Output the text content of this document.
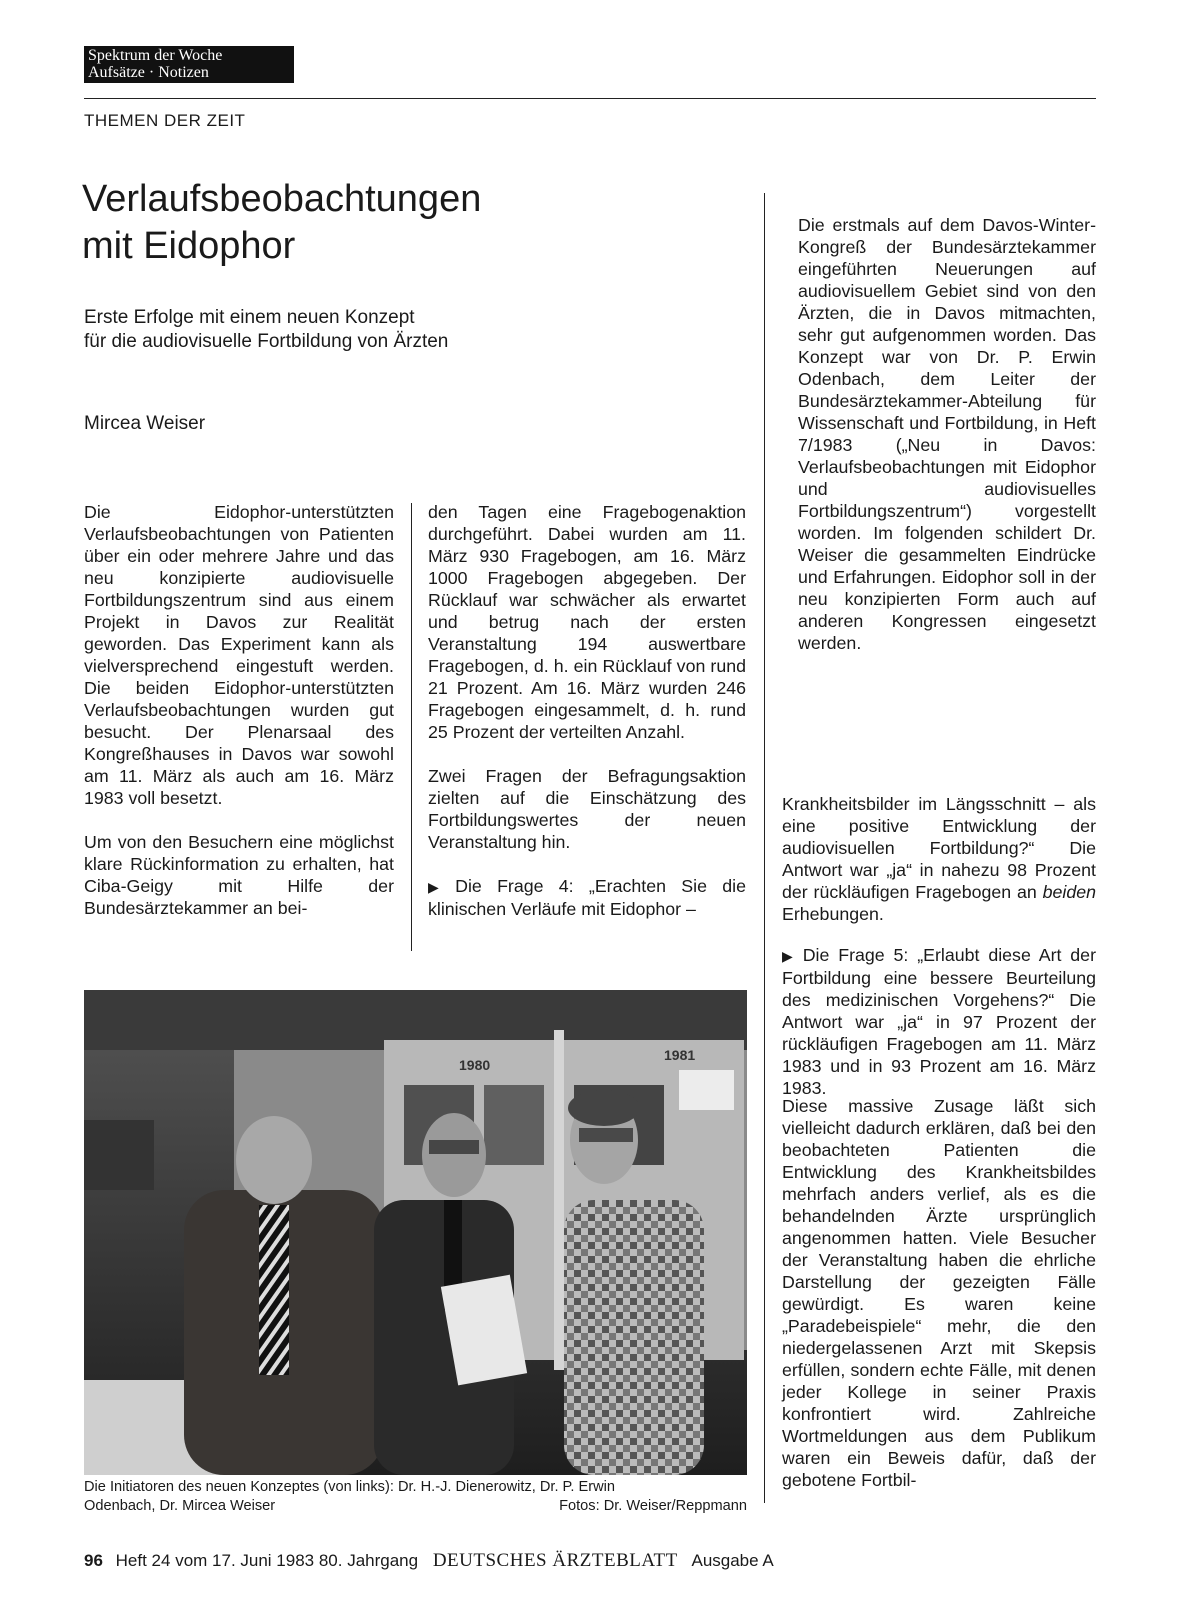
Spektrum der Woche
Aufsätze · Notizen
THEMEN DER ZEIT
Verlaufsbeobachtungen
mit Eidophor
Erste Erfolge mit einem neuen Konzept
für die audiovisuelle Fortbildung von Ärzten
Mircea Weiser
Die erstmals auf dem Davos-Winter-Kongreß der Bundesärztekammer eingeführten Neuerungen auf audiovisuellem Gebiet sind von den Ärzten, die in Davos mitmachten, sehr gut aufgenommen worden. Das Konzept war von Dr. P. Erwin Odenbach, dem Leiter der Bundesärztekammer-Abteilung für Wissenschaft und Fortbildung, in Heft 7/1983 („Neu in Davos: Verlaufsbeobachtungen mit Eidophor und audiovisuelles Fortbildungszentrum“) vorgestellt worden. Im folgenden schildert Dr. Weiser die gesammelten Eindrücke und Erfahrungen. Eidophor soll in der neu konzipierten Form auch auf anderen Kongressen eingesetzt werden.

Die Eidophor-unterstützten Verlaufsbeobachtungen von Patienten über ein oder mehrere Jahre und das neu konzipierte audiovisuelle Fortbildungszentrum sind aus einem Projekt in Davos zur Realität geworden. Das Experiment kann als vielversprechend eingestuft werden. Die beiden Eidophor-unterstützten Verlaufsbeobachtungen wurden gut besucht. Der Plenarsaal des Kongreßhauses in Davos war sowohl am 11. März als auch am 16. März 1983 voll besetzt.

Um von den Besuchern eine möglichst klare Rückinformation zu erhalten, hat Ciba-Geigy mit Hilfe der Bundesärztekammer an bei-

den Tagen eine Fragebogenaktion durchgeführt. Dabei wurden am 11. März 930 Fragebogen, am 16. März 1000 Fragebogen abgegeben. Der Rücklauf war schwächer als erwartet und betrug nach der ersten Veranstaltung 194 auswertbare Fragebogen, d. h. ein Rücklauf von rund 21 Prozent. Am 16. März wurden 246 Fragebogen eingesammelt, d. h. rund 25 Prozent der verteilten Anzahl.

Zwei Fragen der Befragungsaktion zielten auf die Einschätzung des Fortbildungswertes der neuen Veranstaltung hin.

▶ Die Frage 4: „Erachten Sie die klinischen Verläufe mit Eidophor –

Krankheitsbilder im Längsschnitt – als eine positive Entwicklung der audiovisuellen Fortbildung?“ Die Antwort war „ja“ in nahezu 98 Prozent der rückläufigen Fragebogen an beiden Erhebungen.

▶ Die Frage 5: „Erlaubt diese Art der Fortbildung eine bessere Beurteilung des medizinischen Vorgehens?“ Die Antwort war „ja“ in 97 Prozent der rückläufigen Fragebogen am 11. März 1983 und in 93 Prozent am 16. März 1983.

Diese massive Zusage läßt sich vielleicht dadurch erklären, daß bei den beobachteten Patienten die Entwicklung des Krankheitsbildes mehrfach anders verlief, als es die behandelnden Ärzte ursprünglich angenommen hatten. Viele Besucher der Veranstaltung haben die ehrliche Darstellung der gezeigten Fälle gewürdigt. Es waren keine „Paradebeispiele“ mehr, die den niedergelassenen Arzt mit Skepsis erfüllen, sondern echte Fälle, mit denen jeder Kollege in seiner Praxis konfrontiert wird. Zahlreiche Wortmeldungen aus dem Publikum waren ein Beweis dafür, daß der gebotene Fortbil-

1980
1981
Die Initiatoren des neuen Konzeptes (von links): Dr. H.-J. Dienerowitz, Dr. P. Erwin
Odenbach, Dr. Mircea Weiser	Fotos: Dr. Weiser/Reppmann
96 Heft 24 vom 17. Juni 1983 80. Jahrgang DEUTSCHES ÄRZTEBLATT Ausgabe A
